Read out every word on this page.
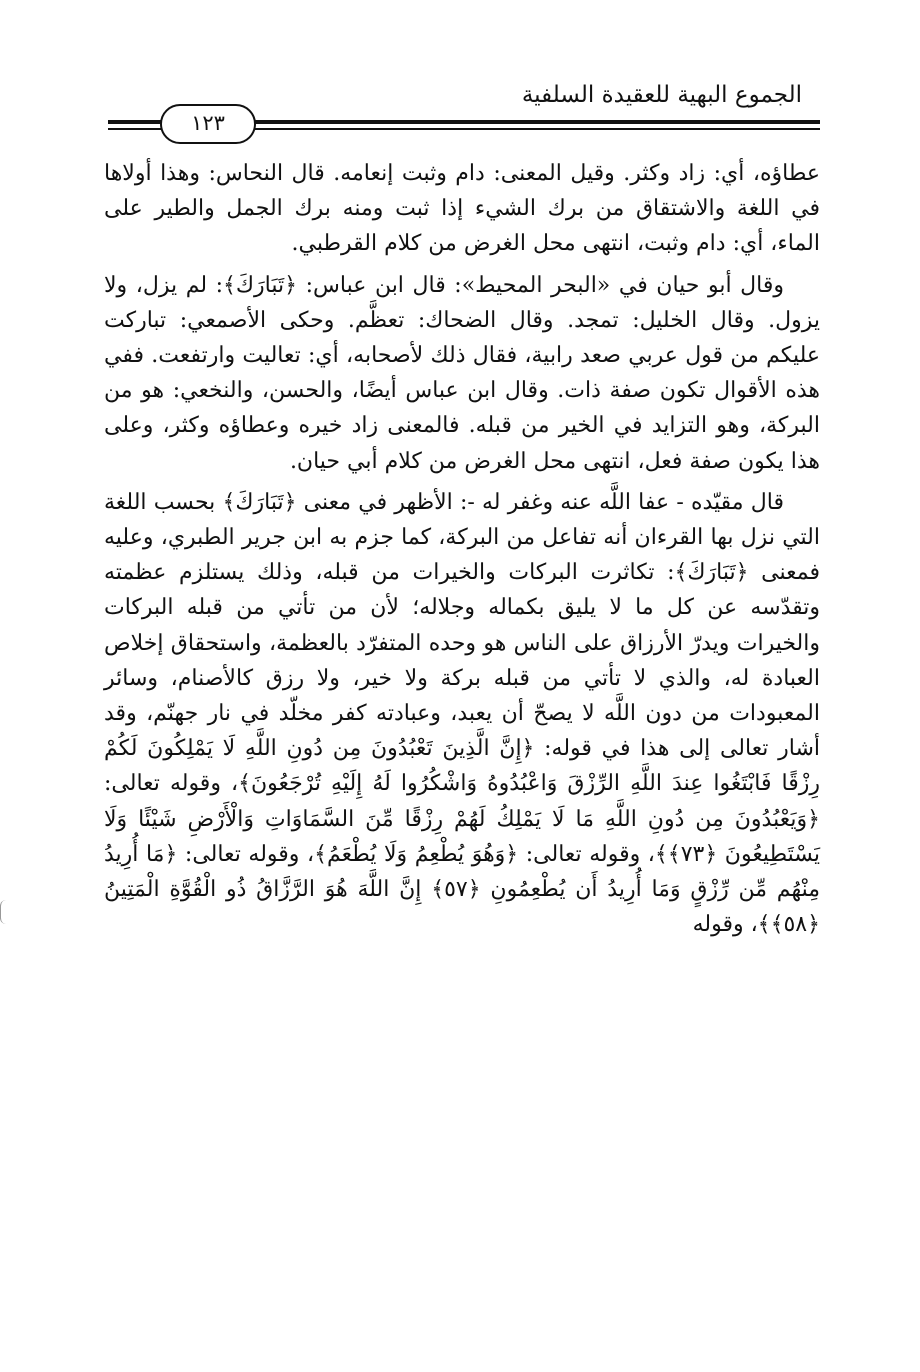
الجموع البهية للعقيدة السلفية
١٢٣

عطاؤه، أي: زاد وكثر. وقيل المعنى: دام وثبت إنعامه. قال النحاس: وهذا أولاها في اللغة والاشتقاق من برك الشيء إذا ثبت ومنه برك الجمل والطير على الماء، أي: دام وثبت، انتهى محل الغرض من كلام القرطبي.

وقال أبو حيان في «البحر المحيط»: قال ابن عباس: ﴿تَبَارَكَ﴾: لم يزل، ولا يزول. وقال الخليل: تمجد. وقال الضحاك: تعظَّم. وحكى الأصمعي: تباركت عليكم من قول عربي صعد رابية، فقال ذلك لأصحابه، أي: تعاليت وارتفعت. ففي هذه الأقوال تكون صفة ذات. وقال ابن عباس أيضًا، والحسن، والنخعي: هو من البركة، وهو التزايد في الخير من قبله. فالمعنى زاد خيره وعطاؤه وكثر، وعلى هذا يكون صفة فعل، انتهى محل الغرض من كلام أبي حيان.

قال مقيّده - عفا اللَّه عنه وغفر له -: الأظهر في معنى ﴿تَبَارَكَ﴾ بحسب اللغة التي نزل بها القرءان أنه تفاعل من البركة، كما جزم به ابن جرير الطبري، وعليه فمعنى ﴿تَبَارَكَ﴾: تكاثرت البركات والخيرات من قبله، وذلك يستلزم عظمته وتقدّسه عن كل ما لا يليق بكماله وجلاله؛ لأن من تأتي من قبله البركات والخيرات ويدرّ الأرزاق على الناس هو وحده المتفرّد بالعظمة، واستحقاق إخلاص العبادة له، والذي لا تأتي من قبله بركة ولا خير، ولا رزق كالأصنام، وسائر المعبودات من دون اللَّه لا يصحّ أن يعبد، وعبادته كفر مخلّد في نار جهنّم، وقد أشار تعالى إلى هذا في قوله: ﴿إِنَّ الَّذِينَ تَعْبُدُونَ مِن دُونِ اللَّهِ لَا يَمْلِكُونَ لَكُمْ رِزْقًا فَابْتَغُوا عِندَ اللَّهِ الرِّزْقَ وَاعْبُدُوهُ وَاشْكُرُوا لَهُ إِلَيْهِ تُرْجَعُونَ﴾، وقوله تعالى: ﴿وَيَعْبُدُونَ مِن دُونِ اللَّهِ مَا لَا يَمْلِكُ لَهُمْ رِزْقًا مِّنَ السَّمَاوَاتِ وَالْأَرْضِ شَيْئًا وَلَا يَسْتَطِيعُونَ ﴿٧٣﴾﴾، وقوله تعالى: ﴿وَهُوَ يُطْعِمُ وَلَا يُطْعَمُ﴾، وقوله تعالى: ﴿مَا أُرِيدُ مِنْهُم مِّن رِّزْقٍ وَمَا أُرِيدُ أَن يُطْعِمُونِ ﴿٥٧﴾ إِنَّ اللَّهَ هُوَ الرَّزَّاقُ ذُو الْقُوَّةِ الْمَتِينُ ﴿٥٨﴾﴾، وقوله
